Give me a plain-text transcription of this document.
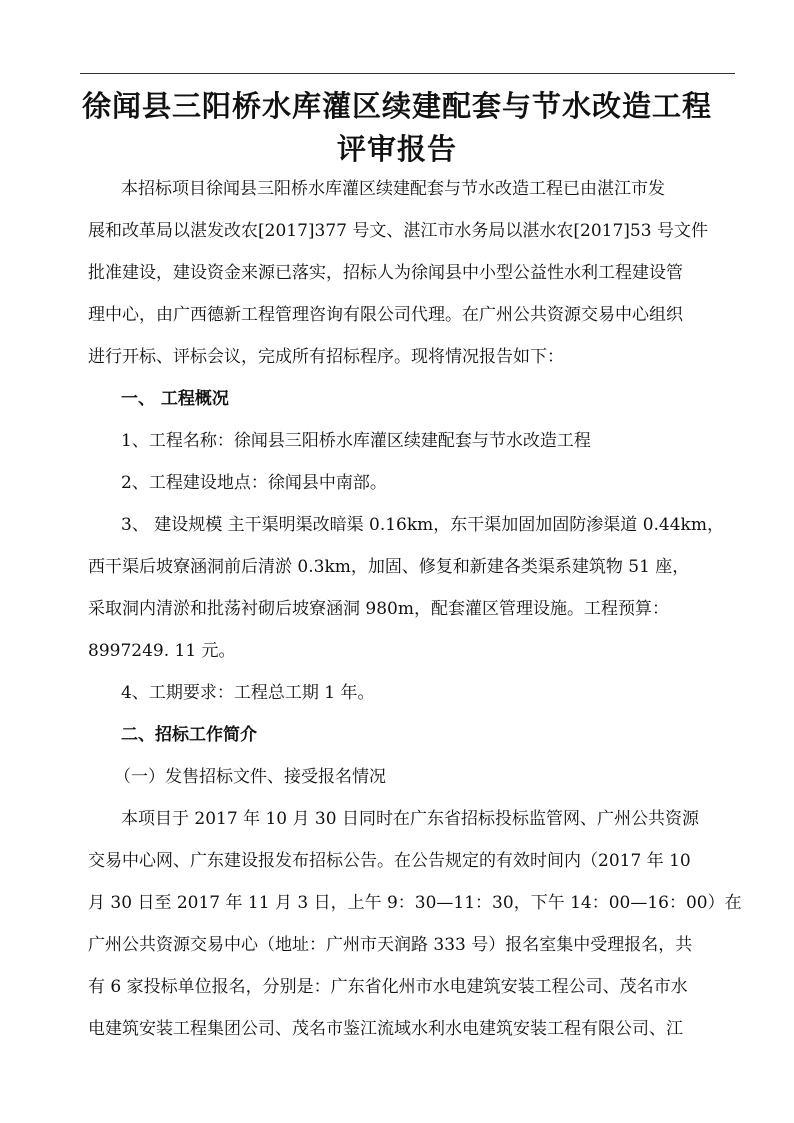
徐闻县三阳桥水库灌区续建配套与节水改造工程
评审报告
本招标项目徐闻县三阳桥水库灌区续建配套与节水改造工程已由湛江市发
展和改革局以湛发改农[2017]377 号文、湛江市水务局以湛水农[2017]53 号文件
批准建设，建设资金来源已落实，招标人为徐闻县中小型公益性水利工程建设管
理中心，由广西德新工程管理咨询有限公司代理。在广州公共资源交易中心组织
进行开标、评标会议，完成所有招标程序。现将情况报告如下：
一、 工程概况
1、工程名称：徐闻县三阳桥水库灌区续建配套与节水改造工程
2、工程建设地点：徐闻县中南部。
3、 建设规模 主干渠明渠改暗渠 0.16km，东干渠加固加固防渗渠道 0.44km，
西干渠后坡寮涵洞前后清淤 0.3km，加固、修复和新建各类渠系建筑物 51 座，
采取洞内清淤和批荡衬砌后坡寮涵洞 980m，配套灌区管理设施。工程预算：
8997249. 11 元。
4、工期要求：工程总工期 1 年。
二、招标工作简介
（一）发售招标文件、接受报名情况
本项目于 2017 年 10 月 30 日同时在广东省招标投标监管网、广州公共资源
交易中心网、广东建设报发布招标公告。在公告规定的有效时间内（2017 年 10
月 30 日至 2017 年 11 月 3 日，上午 9：30—11：30，下午 14：00—16：00）在
广州公共资源交易中心（地址：广州市天润路 333 号）报名室集中受理报名，共
有 6 家投标单位报名，分别是：广东省化州市水电建筑安装工程公司、茂名市水
电建筑安装工程集团公司、茂名市鉴江流域水利水电建筑安装工程有限公司、江
